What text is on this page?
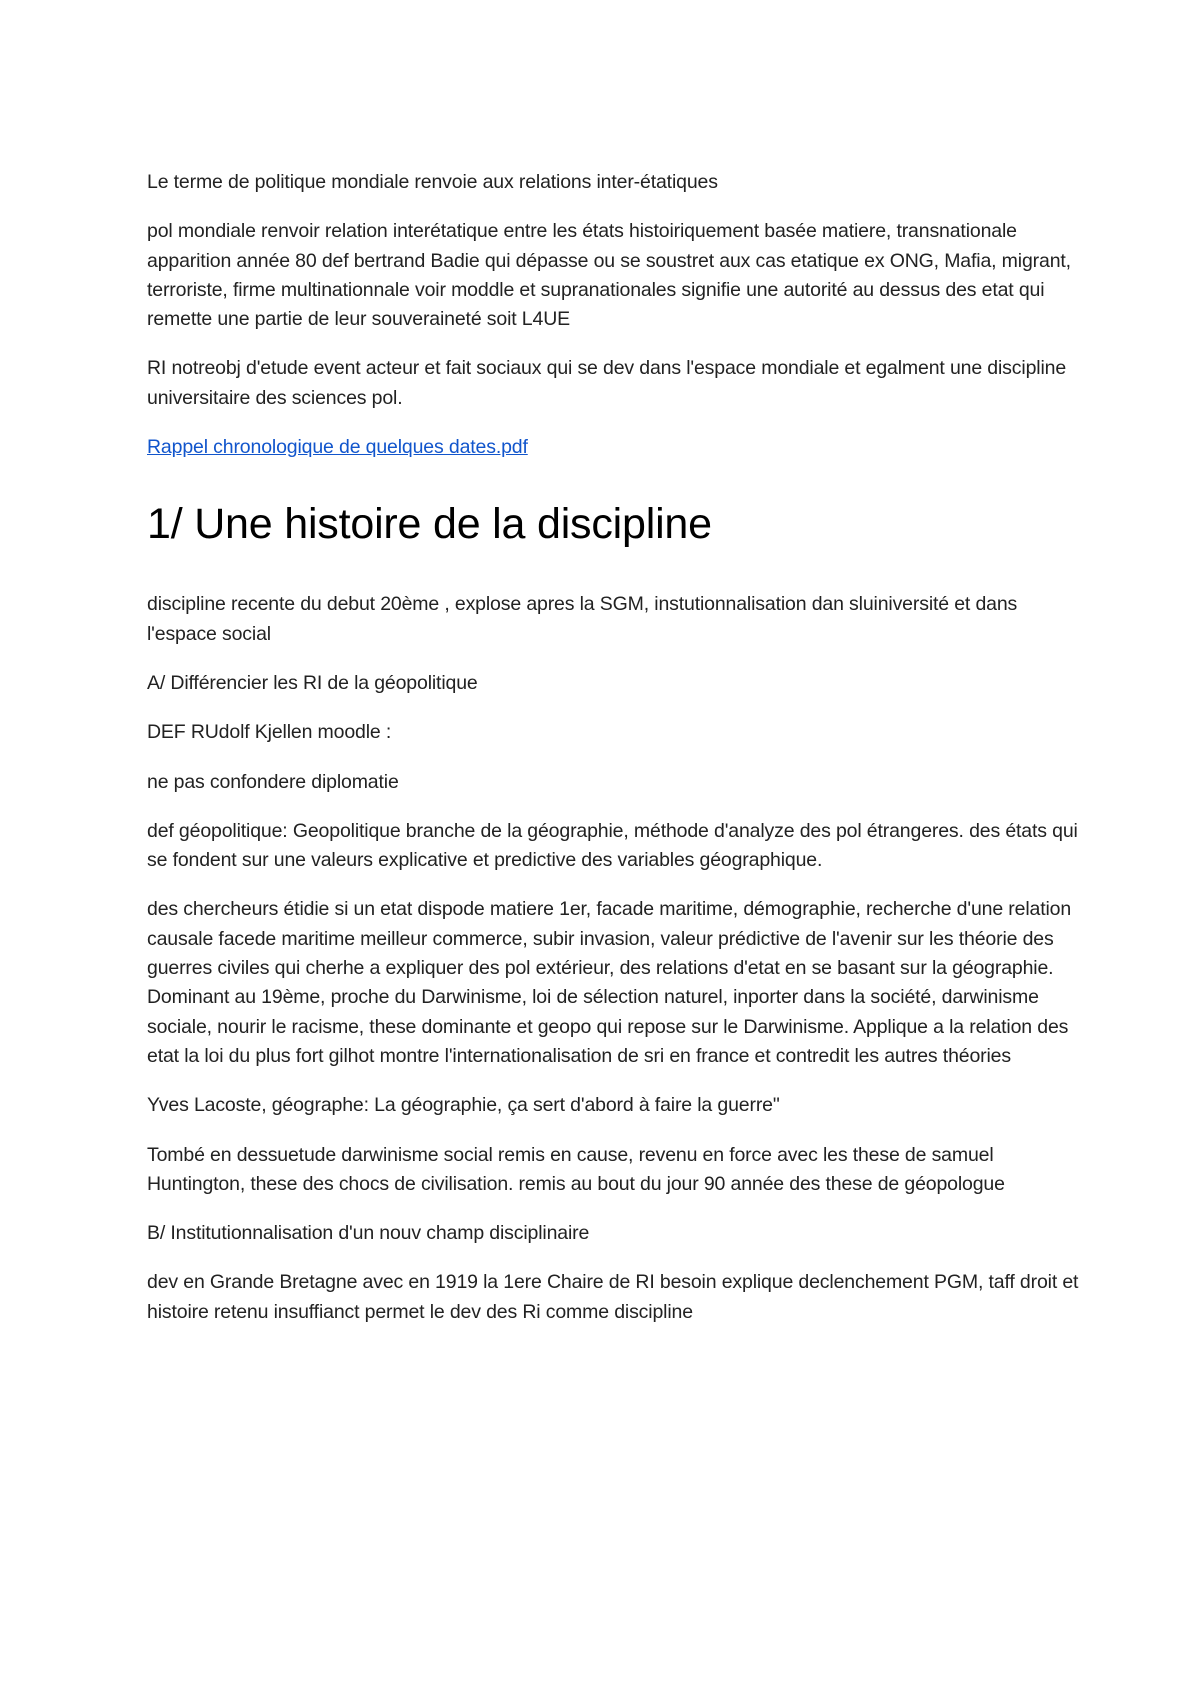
Le terme de politique mondiale renvoie aux relations inter-étatiques

pol mondiale renvoir relation interétatique entre les états histoiriquement basée matiere, transnationale apparition année 80 def bertrand Badie qui dépasse ou se soustret aux cas etatique ex ONG, Mafia, migrant, terroriste, firme multinationnale voir moddle et supranationales signifie une autorité au dessus des etat qui remette une partie de leur souveraineté soit L4UE

RI notreobj d'etude event acteur et fait sociaux qui se dev dans l'espace mondiale et egalment une discipline universitaire des sciences pol.

Rappel chronologique de quelques dates.pdf
1/ Une histoire de la discipline

discipline recente du debut 20ème , explose apres la SGM, instutionnalisation dan sluiniversité et dans l'espace social

A/ Différencier les RI de la géopolitique

DEF RUdolf Kjellen moodle :

ne pas confondere diplomatie

def géopolitique: Geopolitique branche de la géographie, méthode d'analyze des pol étrangeres. des états qui se fondent sur une valeurs explicative et predictive des variables géographique.

des chercheurs étidie si un etat dispode matiere 1er, facade maritime, démographie, recherche d'une relation causale facede maritime meilleur commerce, subir invasion, valeur prédictive de l'avenir sur les théorie des guerres civiles qui cherhe a expliquer des pol extérieur, des relations d'etat en se basant sur la géographie. Dominant au 19ème, proche du Darwinisme, loi de sélection naturel, inporter dans la société, darwinisme sociale, nourir le racisme, these dominante et geopo qui repose sur le Darwinisme. Applique a la relation des etat la loi du plus fort gilhot montre l'internationalisation de sri en france et contredit les autres théories

Yves Lacoste, géographe: La géographie, ça sert d'abord à faire la guerre"

Tombé en dessuetude darwinisme social remis en cause, revenu en force avec les these de samuel Huntington, these des chocs de civilisation. remis au bout du jour 90 année des these de géopologue

B/ Institutionnalisation d'un nouv champ disciplinaire

dev en Grande Bretagne avec en 1919 la 1ere Chaire de RI besoin explique declenchement PGM, taff droit et histoire retenu insuffianct permet le dev des Ri comme discipline
